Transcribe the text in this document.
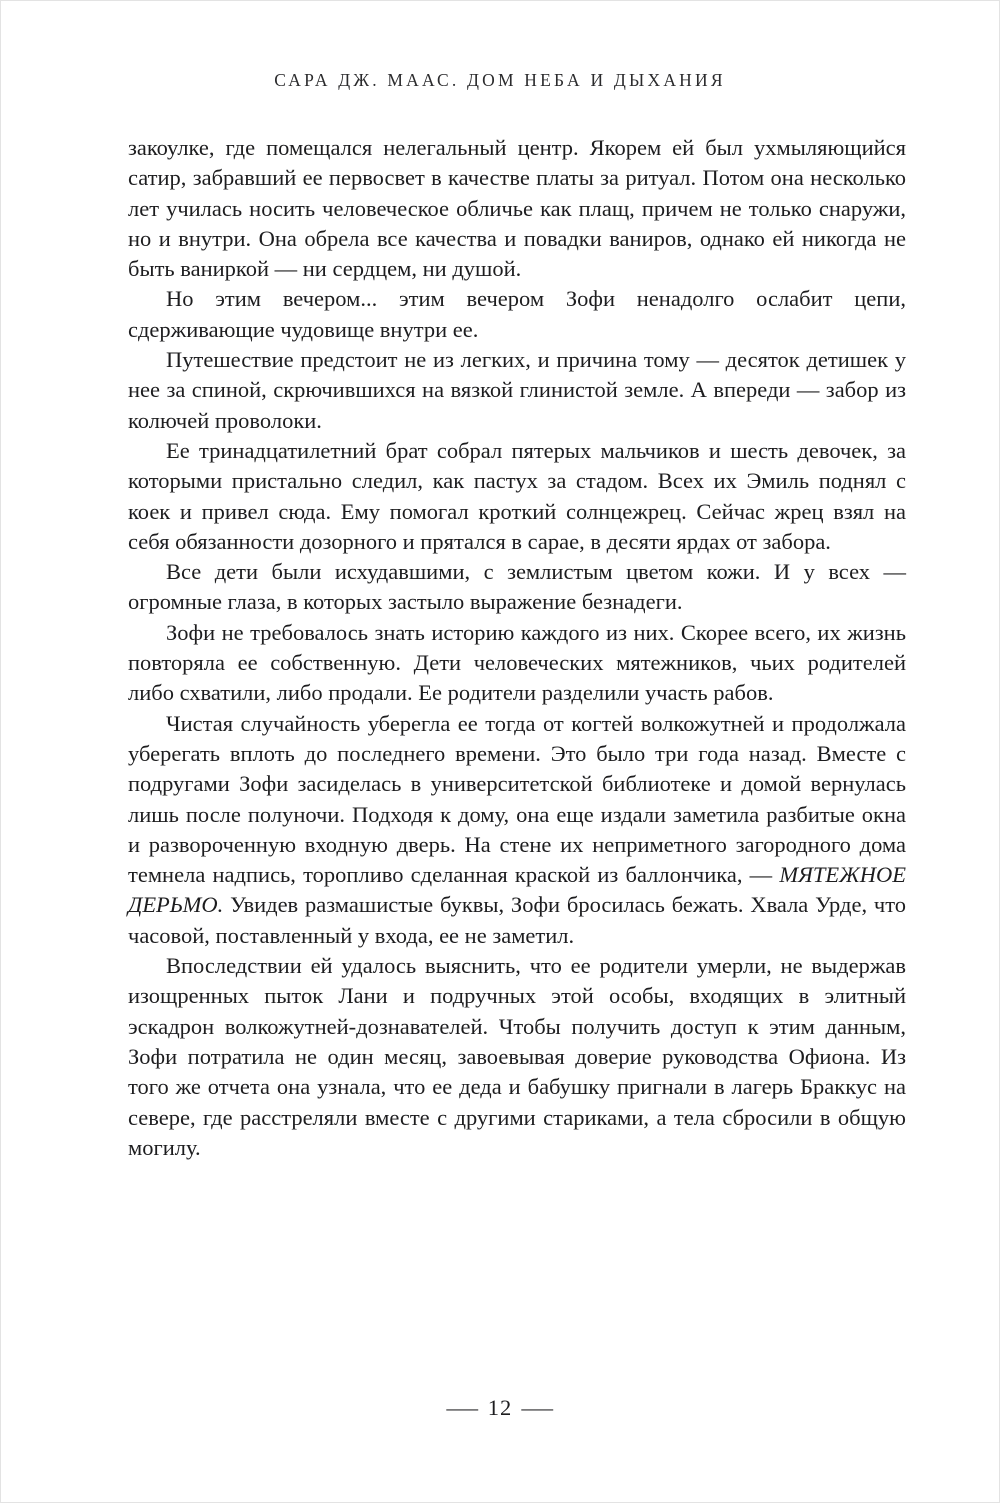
САРА ДЖ. МААС. ДОМ НЕБА И ДЫХАНИЯ

закоулке, где помещался нелегальный центр. Якорем ей был ухмыляющийся сатир, забравший ее первосвет в качестве платы за ритуал. Потом она несколько лет училась носить человеческое обличье как плащ, причем не только снаружи, но и внутри. Она обрела все качества и повадки ваниров, однако ей никогда не быть ваниркой — ни сердцем, ни душой.

Но этим вечером... этим вечером Зофи ненадолго ослабит цепи, сдерживающие чудовище внутри ее.

Путешествие предстоит не из легких, и причина тому — десяток детишек у нее за спиной, скрючившихся на вязкой глинистой земле. А впереди — забор из колючей проволоки.

Ее тринадцатилетний брат собрал пятерых мальчиков и шесть девочек, за которыми пристально следил, как пастух за стадом. Всех их Эмиль поднял с коек и привел сюда. Ему помогал кроткий солнцежрец. Сейчас жрец взял на себя обязанности дозорного и прятался в сарае, в десяти ярдах от забора.

Все дети были исхудавшими, с землистым цветом кожи. И у всех — огромные глаза, в которых застыло выражение безнадеги.

Зофи не требовалось знать историю каждого из них. Скорее всего, их жизнь повторяла ее собственную. Дети человеческих мятежников, чьих родителей либо схватили, либо продали. Ее родители разделили участь рабов.

Чистая случайность уберегла ее тогда от когтей волкожутней и продолжала уберегать вплоть до последнего времени. Это было три года назад. Вместе с подругами Зофи засиделась в университетской библиотеке и домой вернулась лишь после полуночи. Подходя к дому, она еще издали заметила разбитые окна и развороченную входную дверь. На стене их неприметного загородного дома темнела надпись, торопливо сделанная краской из баллончика, — МЯТЕЖНОЕ ДЕРЬМО. Увидев размашистые буквы, Зофи бросилась бежать. Хвала Урде, что часовой, поставленный у входа, ее не заметил.

Впоследствии ей удалось выяснить, что ее родители умерли, не выдержав изощренных пыток Лани и подручных этой особы, входящих в элитный эскадрон волкожутней-дознавателей. Чтобы получить доступ к этим данным, Зофи потратила не один месяц, завоевывая доверие руководства Офиона. Из того же отчета она узнала, что ее деда и бабушку пригнали в лагерь Браккус на севере, где расстреляли вместе с другими стариками, а тела сбросили в общую могилу.

— 12 —
